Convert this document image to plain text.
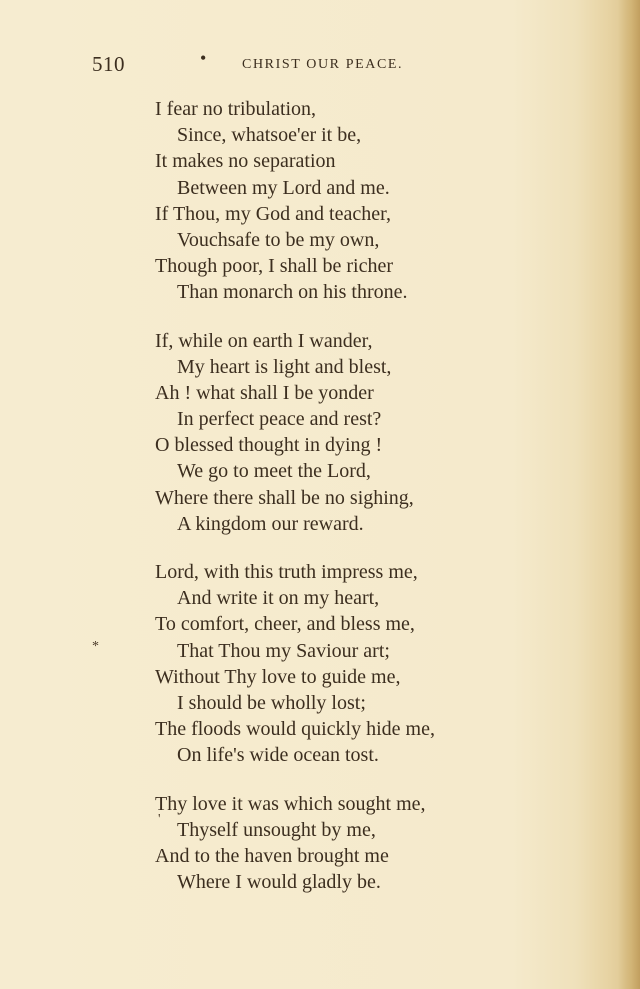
510	•	CHRIST OUR PEACE.
I fear no tribulation,
Since, whatsoe'er it be,
It makes no separation
Between my Lord and me.
If Thou, my God and teacher,
Vouchsafe to be my own,
Though poor, I shall be richer
Than monarch on his throne.
If, while on earth I wander,
My heart is light and blest,
Ah ! what shall I be yonder
In perfect peace and rest?
O blessed thought in dying !
We go to meet the Lord,
Where there shall be no sighing,
A kingdom our reward.
Lord, with this truth impress me,
And write it on my heart,
To comfort, cheer, and bless me,
That Thou my Saviour art;
Without Thy love to guide me,
I should be wholly lost;
The floods would quickly hide me,
On life's wide ocean tost.
Thy love it was which sought me,
Thyself unsought by me,
And to the haven brought me
Where I would gladly be.
*
'
